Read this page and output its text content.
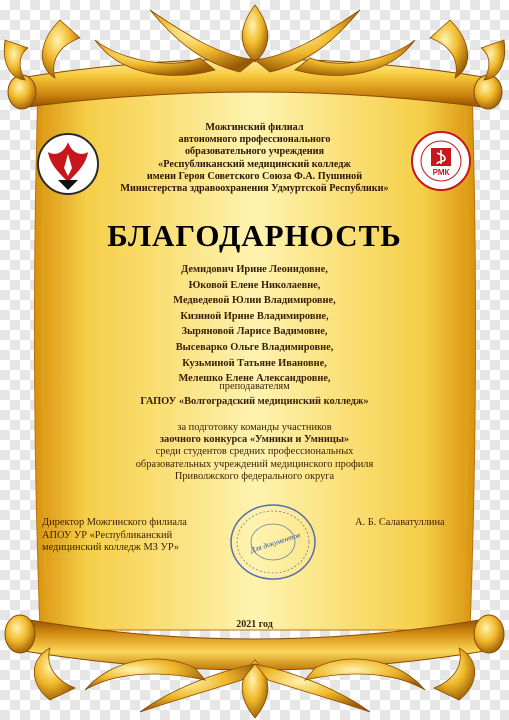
РМК
Можгинский филиал
автономного профессионального
образовательного учреждения
«Республиканский медицинский колледж
имени Героя Советского Союза Ф.А. Пушиной
Министерства здравоохранения Удмуртской Республики»
БЛАГОДАРНОСТЬ
Демидович Ирине Леонидовне,
Юковой Елене Николаевне,
Медведевой Юлии Владимировне,
Кизиной Ирине Владимировне,
Зыряновой Ларисе Вадимовне,
Высеварко Ольге Владимировне,
Кузьминой Татьяне Ивановне,
Мелешко Елене Александровне,
преподавателям
ГАПОУ «Волгоградский медицинский колледж»
за подготовку команды участников
заочного конкурса «Умники и Умницы»
среди студентов средних профессиональных
образовательных учреждений медицинского профиля
Приволжского федерального округа
Директор Можгинского филиала
АПОУ УР «Республиканский
медицинский колледж МЗ УР»
А. Б. Салаватуллина
Для документов
2021 год
